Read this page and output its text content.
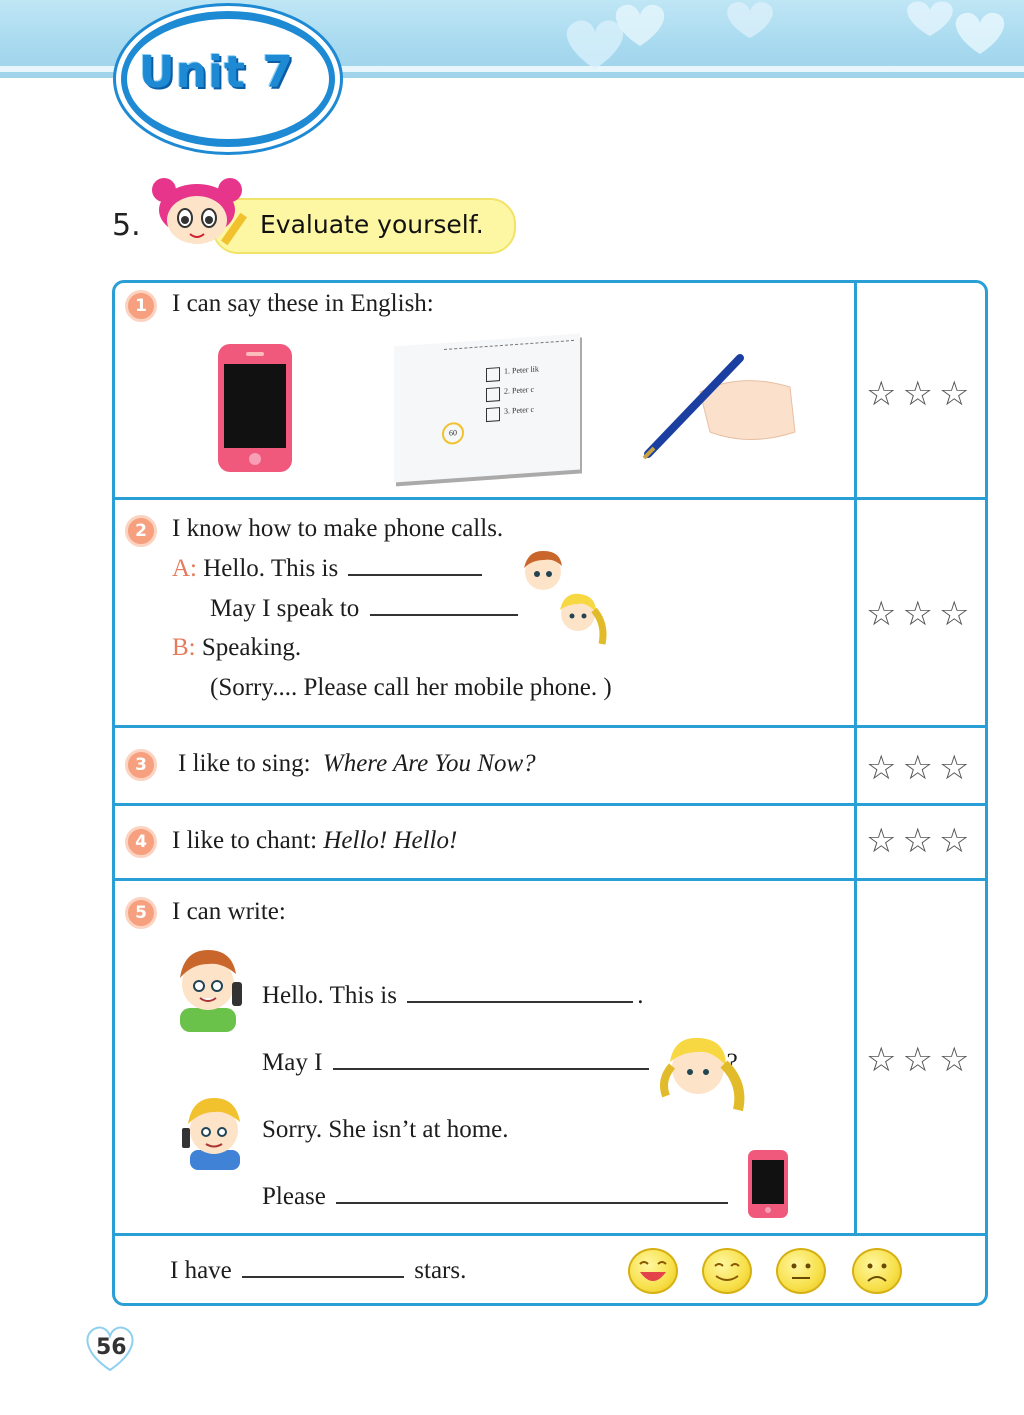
Unit 7
5.	Evaluate yourself.
1	I can say these in English:
1. Peter lik
2. Peter c
3. Peter c
60
☆☆☆
2	I know how to make phone calls.
A: Hello. This is
May I speak to
B: Speaking.
(Sorry.... Please call her mobile phone. )
☆☆☆
3	I like to sing: Where Are You Now?	☆☆☆
4	I like to chant: Hello! Hello!	☆☆☆
5	I can write:
Hello. This is	.
May I	?
Sorry. She isn’t at home.
Please
☆☆☆
I have	stars.
56
